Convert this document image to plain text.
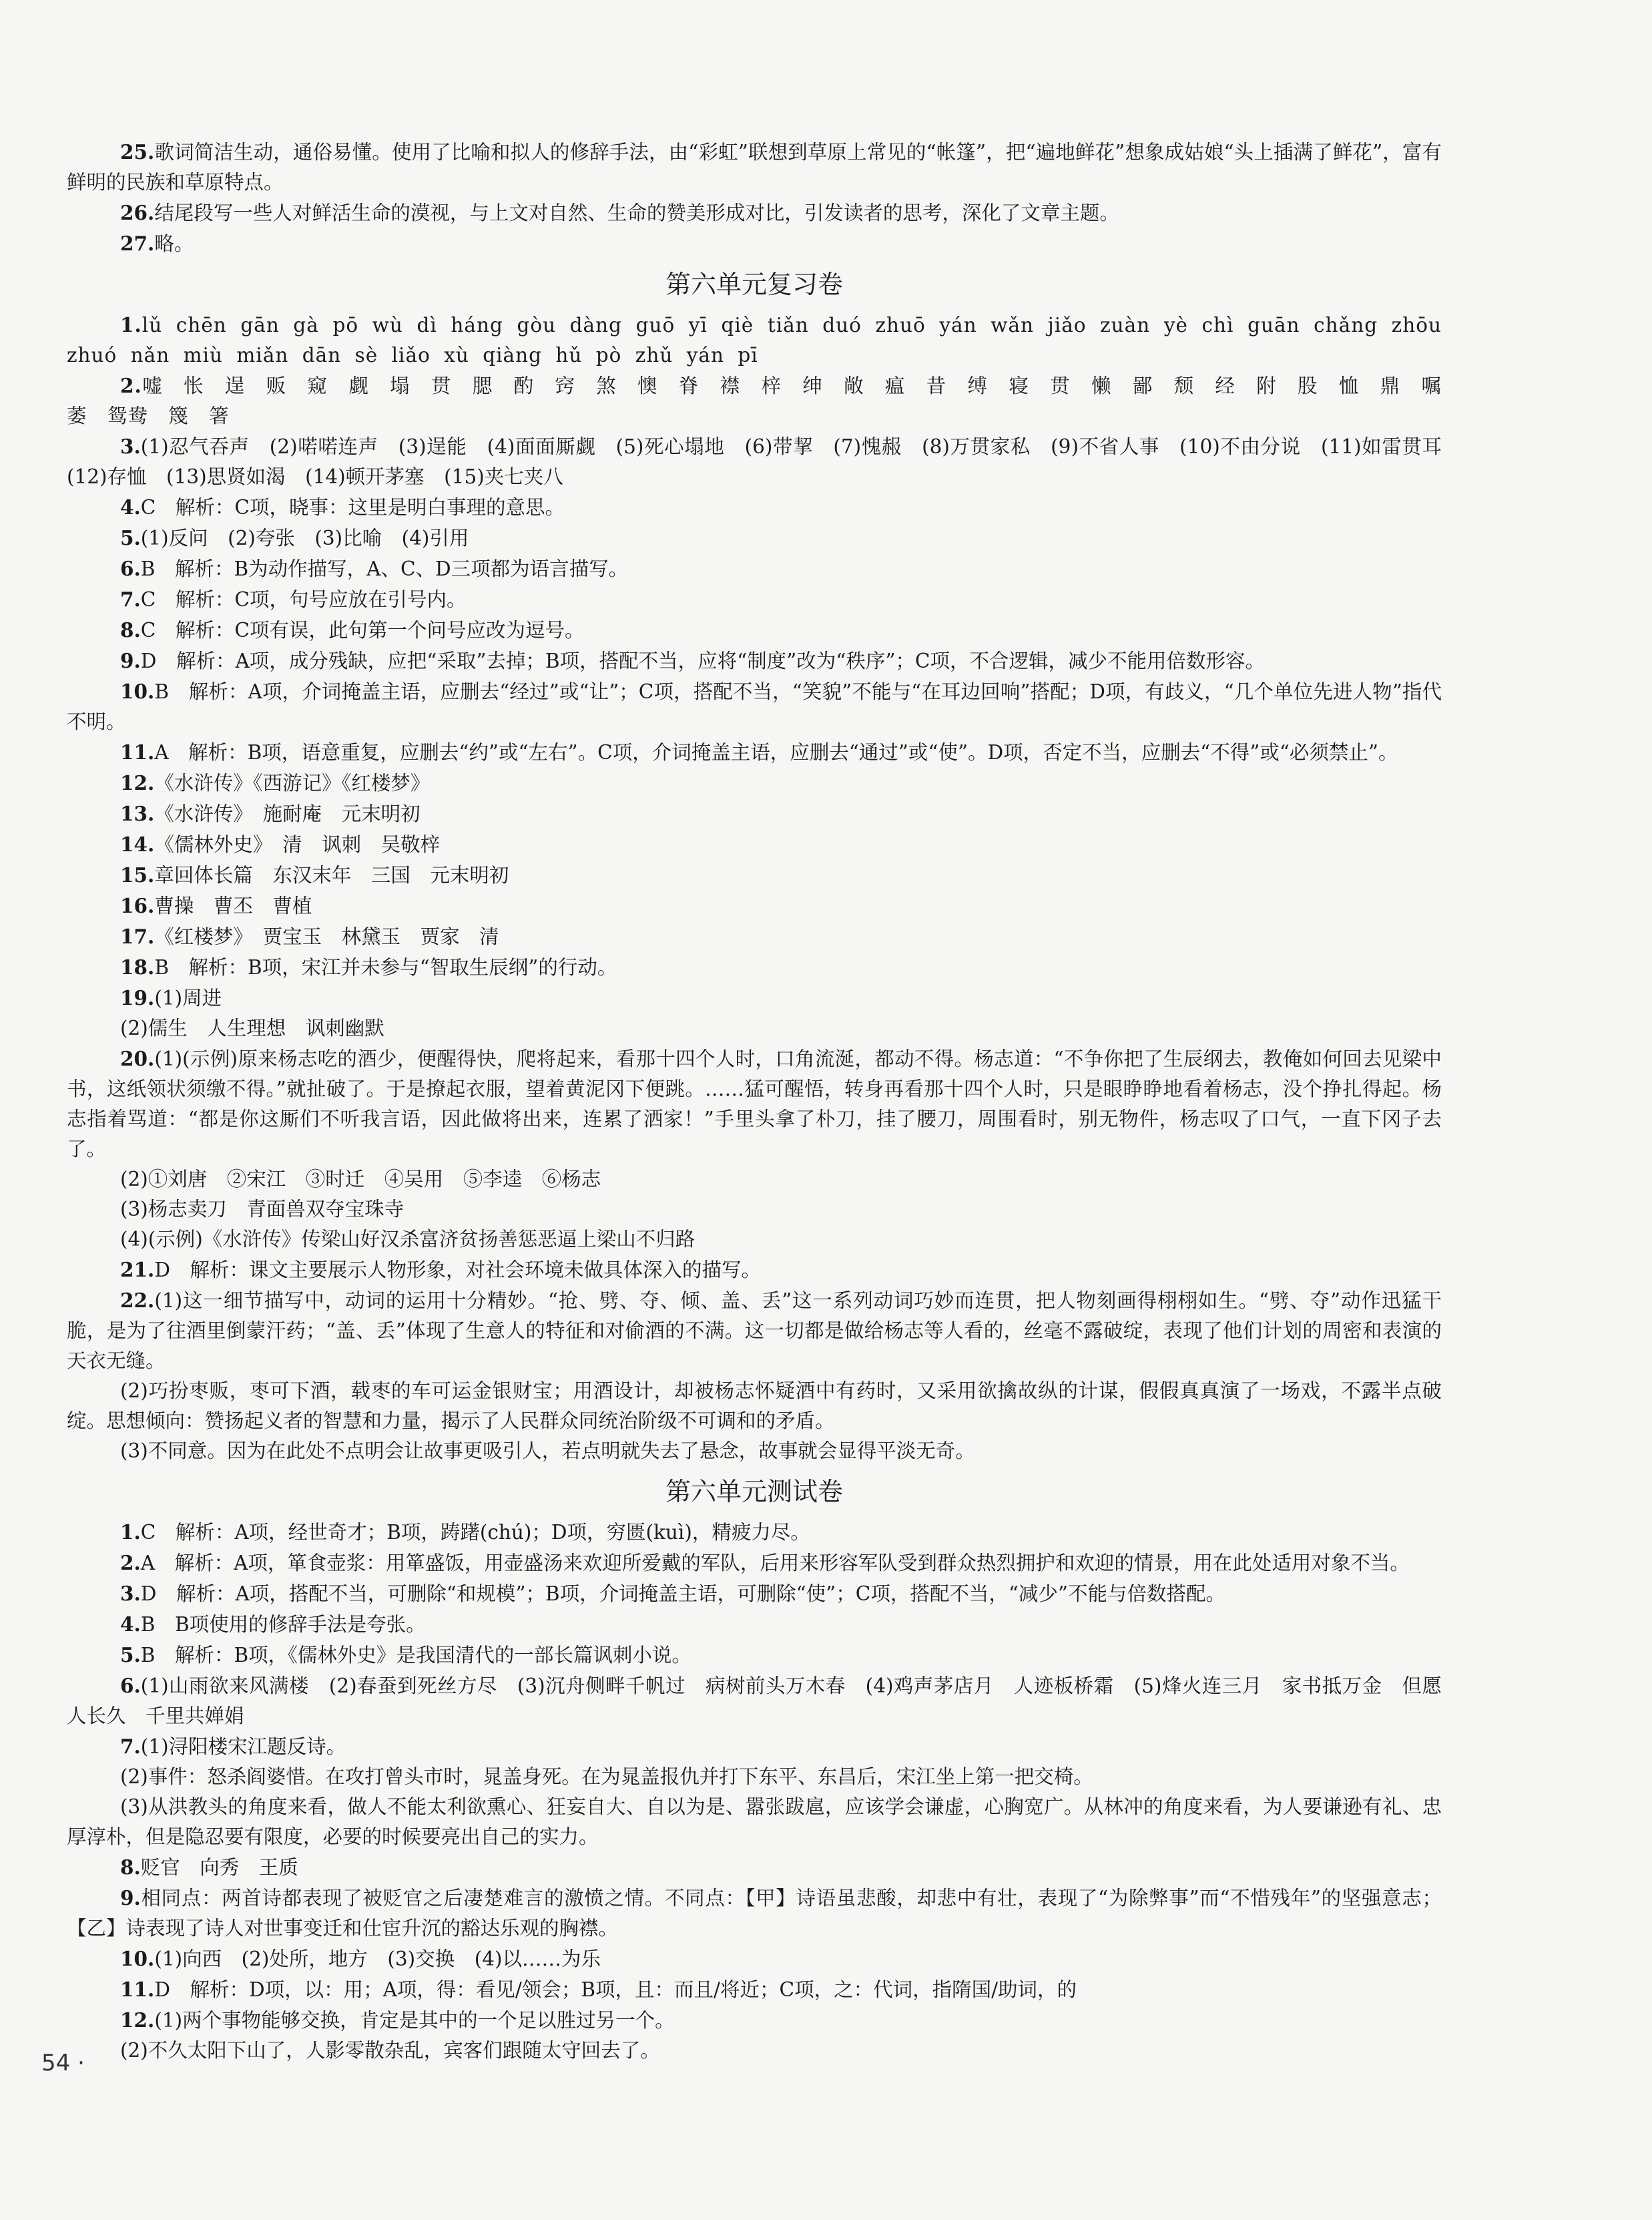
25.歌词简洁生动，通俗易懂。使用了比喻和拟人的修辞手法，由“彩虹”联想到草原上常见的“帐篷”，把“遍地鲜花”想象成姑娘“头上插满了鲜花”，富有鲜明的民族和草原特点。

26.结尾段写一些人对鲜活生命的漠视，与上文对自然、生命的赞美形成对比，引发读者的思考，深化了文章主题。

27.略。

第六单元复习卷

1.lǔ chēn gān gà pō wù dì háng gòu dàng guō yī qiè tiǎn duó zhuō yán wǎn jiǎo zuàn yè chì guān chǎng zhōu zhuó nǎn miù miǎn dān sè liǎo xù qiàng hǔ pò zhǔ yán pī

2.嘘 怅 逞 贩 窥 觑 塌 贯 腮 酌 窍 煞 懊 脊 襟 梓 绅 敞 瘟 昔 缚 寝 贯 懒 鄙 颓 经 附 股 恤 鼎 嘱 萎 鸳鸯 篾 箸

3.(1)忍气吞声　(2)喏喏连声　(3)逞能　(4)面面厮觑　(5)死心塌地　(6)带挈　(7)愧赧　(8)万贯家私　(9)不省人事　(10)不由分说　(11)如雷贯耳　(12)存恤　(13)思贤如渴　(14)顿开茅塞　(15)夹七夹八

4.C　解析：C项，晓事：这里是明白事理的意思。

5.(1)反问　(2)夸张　(3)比喻　(4)引用

6.B　解析：B为动作描写，A、C、D三项都为语言描写。

7.C　解析：C项，句号应放在引号内。

8.C　解析：C项有误，此句第一个问号应改为逗号。

9.D　解析：A项，成分残缺，应把“采取”去掉；B项，搭配不当，应将“制度”改为“秩序”；C项，不合逻辑，减少不能用倍数形容。

10.B　解析：A项，介词掩盖主语，应删去“经过”或“让”；C项，搭配不当，“笑貌”不能与“在耳边回响”搭配；D项，有歧义，“几个单位先进人物”指代不明。

11.A　解析：B项，语意重复，应删去“约”或“左右”。C项，介词掩盖主语，应删去“通过”或“使”。D项，否定不当，应删去“不得”或“必须禁止”。

12.《水浒传》《西游记》《红楼梦》

13.《水浒传》　施耐庵　元末明初

14.《儒林外史》　清　讽刺　吴敬梓

15.章回体长篇　东汉末年　三国　元末明初

16.曹操　曹丕　曹植

17.《红楼梦》　贾宝玉　林黛玉　贾家　清

18.B　解析：B项，宋江并未参与“智取生辰纲”的行动。

19.(1)周进

(2)儒生　人生理想　讽刺幽默

20.(1)(示例)原来杨志吃的酒少，便醒得快，爬将起来，看那十四个人时，口角流涎，都动不得。杨志道：“不争你把了生辰纲去，教俺如何回去见梁中书，这纸领状须缴不得。”就扯破了。于是撩起衣服，望着黄泥冈下便跳。……猛可醒悟，转身再看那十四个人时，只是眼睁睁地看着杨志，没个挣扎得起。杨志指着骂道：“都是你这厮们不听我言语，因此做将出来，连累了洒家！”手里头拿了朴刀，挂了腰刀，周围看时，别无物件，杨志叹了口气，一直下冈子去了。

(2)①刘唐　②宋江　③时迁　④吴用　⑤李逵　⑥杨志

(3)杨志卖刀　青面兽双夺宝珠寺

(4)(示例)《水浒传》传梁山好汉杀富济贫扬善惩恶逼上梁山不归路

21.D　解析：课文主要展示人物形象，对社会环境未做具体深入的描写。

22.(1)这一细节描写中，动词的运用十分精妙。“抢、劈、夺、倾、盖、丢”这一系列动词巧妙而连贯，把人物刻画得栩栩如生。“劈、夺”动作迅猛干脆，是为了往酒里倒蒙汗药；“盖、丢”体现了生意人的特征和对偷酒的不满。这一切都是做给杨志等人看的，丝毫不露破绽，表现了他们计划的周密和表演的天衣无缝。

(2)巧扮枣贩，枣可下酒，载枣的车可运金银财宝；用酒设计，却被杨志怀疑酒中有药时，又采用欲擒故纵的计谋，假假真真演了一场戏，不露半点破绽。思想倾向：赞扬起义者的智慧和力量，揭示了人民群众同统治阶级不可调和的矛盾。

(3)不同意。因为在此处不点明会让故事更吸引人，若点明就失去了悬念，故事就会显得平淡无奇。

第六单元测试卷

1.C　解析：A项，经世奇才；B项，踌躇(chú)；D项，穷匮(kuì)，精疲力尽。

2.A　解析：A项，箪食壶浆：用箪盛饭，用壶盛汤来欢迎所爱戴的军队，后用来形容军队受到群众热烈拥护和欢迎的情景，用在此处适用对象不当。

3.D　解析：A项，搭配不当，可删除“和规模”；B项，介词掩盖主语，可删除“使”；C项，搭配不当，“减少”不能与倍数搭配。

4.B　B项使用的修辞手法是夸张。

5.B　解析：B项，《儒林外史》是我国清代的一部长篇讽刺小说。

6.(1)山雨欲来风满楼　(2)春蚕到死丝方尽　(3)沉舟侧畔千帆过　病树前头万木春　(4)鸡声茅店月　人迹板桥霜　(5)烽火连三月　家书抵万金　但愿人长久　千里共婵娟

7.(1)浔阳楼宋江题反诗。

(2)事件：怒杀阎婆惜。在攻打曾头市时，晁盖身死。在为晁盖报仇并打下东平、东昌后，宋江坐上第一把交椅。

(3)从洪教头的角度来看，做人不能太利欲熏心、狂妄自大、自以为是、嚣张跋扈，应该学会谦虚，心胸宽广。从林冲的角度来看，为人要谦逊有礼、忠厚淳朴，但是隐忍要有限度，必要的时候要亮出自己的实力。

8.贬官　向秀　王质

9.相同点：两首诗都表现了被贬官之后凄楚难言的激愤之情。不同点：【甲】诗语虽悲酸，却悲中有壮，表现了“为除弊事”而“不惜残年”的坚强意志；【乙】诗表现了诗人对世事变迁和仕宦升沉的豁达乐观的胸襟。

10.(1)向西　(2)处所，地方　(3)交换　(4)以……为乐

11.D　解析：D项，以：用；A项，得：看见/领会；B项，且：而且/将近；C项，之：代词，指隋国/助词，的

12.(1)两个事物能够交换，肯定是其中的一个足以胜过另一个。

(2)不久太阳下山了，人影零散杂乱，宾客们跟随太守回去了。

54 ·
